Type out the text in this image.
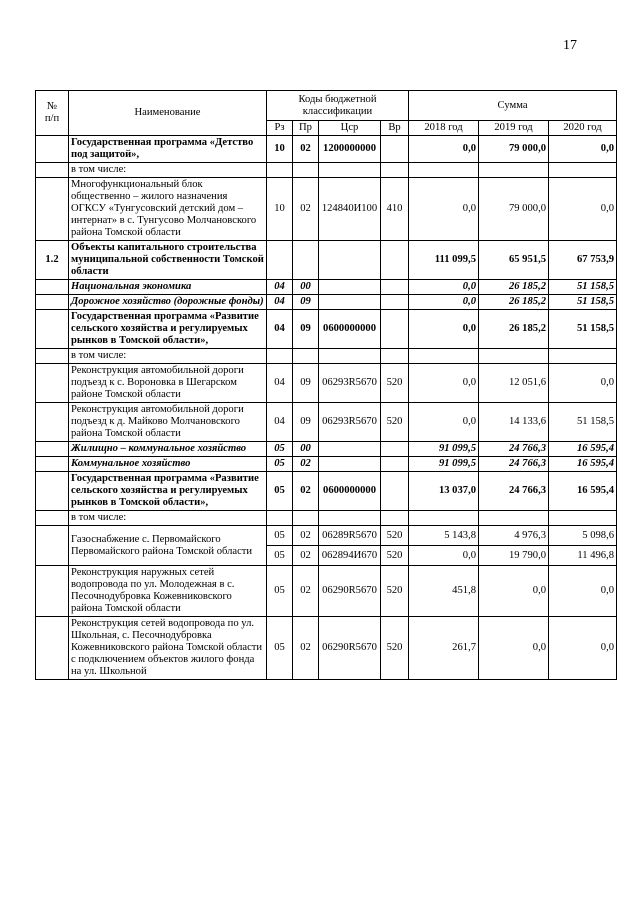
17
№
п/п	Наименование	Коды бюджетной классификации				Сумма		
		Рз	Пр	Цср	Вр	2018 год	2019 год	2020 год
	Государственная программа «Детство под защитой»,	10	02	1200000000		0,0	79 000,0	0,0
	в том числе:							
	Многофункциональный блок общественно – жилого назначения ОГКСУ «Тунгусовский детский дом – интернат» в с. Тунгусово Молчановского района Томской области	10	02	124840И100	410	0,0	79 000,0	0,0
1.2	Объекты капитального строительства муниципальной собственности Томской области					111 099,5	65 951,5	67 753,9
	Национальная экономика	04	00			0,0	26 185,2	51 158,5
	Дорожное хозяйство (дорожные фонды)	04	09			0,0	26 185,2	51 158,5
	Государственная программа «Развитие сельского хозяйства и регулируемых рынков в Томской области»,	04	09	0600000000		0,0	26 185,2	51 158,5
	в том числе:							
	Реконструкция автомобильной дороги подъезд к с. Вороновка в Шегарском районе Томской области	04	09	06293R5670	520	0,0	12 051,6	0,0
	Реконструкция автомобильной дороги подъезд к д. Майково Молчановского района Томской области	04	09	06293R5670	520	0,0	14 133,6	51 158,5
	Жилищно – коммунальное хозяйство	05	00			91 099,5	24 766,3	16 595,4
	Коммунальное хозяйство	05	02			91 099,5	24 766,3	16 595,4
	Государственная программа «Развитие сельского хозяйства и регулируемых рынков в Томской области»,	05	02	0600000000		13 037,0	24 766,3	16 595,4
	в том числе:							
	Газоснабжение с. Первомайского Первомайского района Томской области	05	02	06289R5670	520	5 143,8	4 976,3	5 098,6
		05	02	062894И670	520	0,0	19 790,0	11 496,8
	Реконструкция наружных сетей водопровода по ул. Молодежная в с. Песочнодубровка Кожевниковского района Томской области	05	02	06290R5670	520	451,8	0,0	0,0
	Реконструкция сетей водопровода по ул. Школьная, с. Песочнодубровка Кожевниковского района Томской области с подключением объектов жилого фонда на ул. Школьной	05	02	06290R5670	520	261,7	0,0	0,0
